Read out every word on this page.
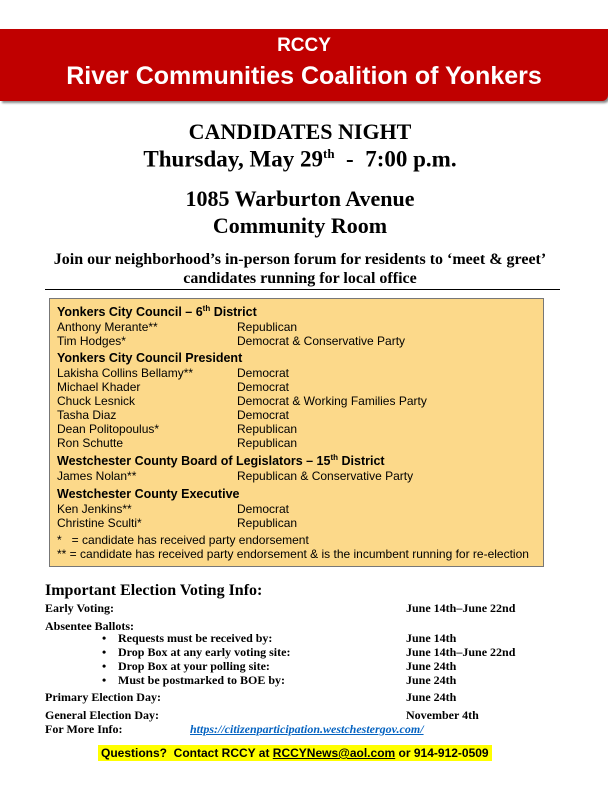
RCCY
River Communities Coalition of Yonkers
CANDIDATES NIGHT
Thursday, May 29th  -  7:00 p.m.
1085 Warburton Avenue
Community Room
Join our neighborhood’s in-person forum for residents to ‘meet & greet’ candidates running for local office
Yonkers City Council – 6th District
Anthony Merante**	Republican
Tim Hodges*	Democrat & Conservative Party
Yonkers City Council President
Lakisha Collins Bellamy**	Democrat
Michael Khader	Democrat
Chuck Lesnick	Democrat & Working Families Party
Tasha Diaz	Democrat
Dean Politopoulus*	Republican
Ron Schutte	Republican
Westchester County Board of Legislators – 15th District
James Nolan**	Republican & Conservative Party
Westchester County Executive
Ken Jenkins**	Democrat
Christine Sculti*	Republican
*   = candidate has received party endorsement
** = candidate has received party endorsement & is the incumbent running for re-election
Important Election Voting Info:
Early Voting:	June 14th–June 22nd
Absentee Ballots:
• Requests must be received by:	June 14th
• Drop Box at any early voting site:	June 14th–June 22nd
• Drop Box at your polling site:	June 24th
• Must be postmarked to BOE by:	June 24th
Primary Election Day:	June 24th
General Election Day:	November 4th
For More Info:	https://citizenparticipation.westchestergov.com/
Questions?  Contact RCCY at RCCYNews@aol.com or 914-912-0509
